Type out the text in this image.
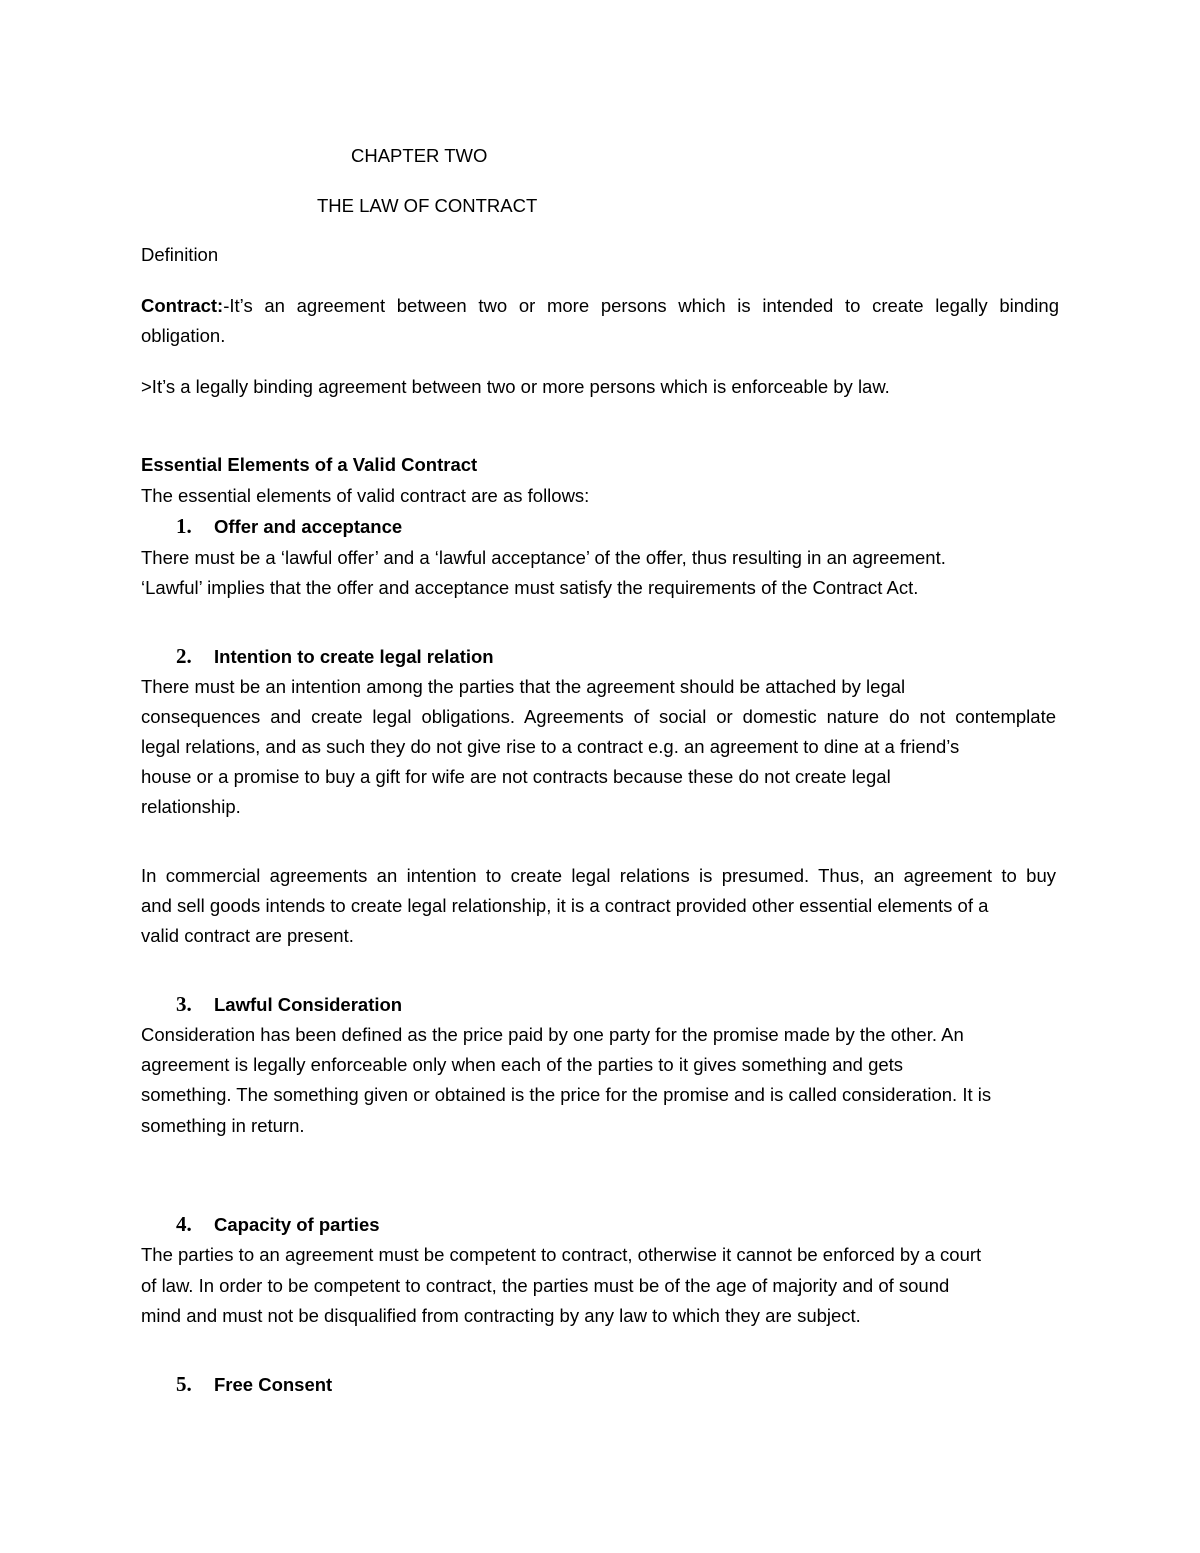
CHAPTER TWO
THE LAW OF CONTRACT
Definition
Contract:-It’s an agreement between two or more persons which is intended to create legally binding
obligation.
>It’s a legally binding agreement between two or more persons which is enforceable by law.
Essential Elements of a Valid Contract
The essential elements of valid contract are as follows:
1. Offer and acceptance
There must be a ‘lawful offer’ and a ‘lawful acceptance’ of the offer, thus resulting in an agreement.
‘Lawful’ implies that the offer and acceptance must satisfy the requirements of the Contract Act.
2. Intention to create legal relation
There must be an intention among the parties that the agreement should be attached by legal
consequences and create legal obligations. Agreements of social or domestic nature do not contemplate
legal relations, and as such they do not give rise to a contract e.g. an agreement to dine at a friend’s
house or a promise to buy a gift for wife are not contracts because these do not create legal
relationship.
In commercial agreements an intention to create legal relations is presumed. Thus, an agreement to buy
and sell goods intends to create legal relationship, it is a contract provided other essential elements of a
valid contract are present.
3. Lawful Consideration
Consideration has been defined as the price paid by one party for the promise made by the other. An
agreement is legally enforceable only when each of the parties to it gives something and gets
something. The something given or obtained is the price for the promise and is called consideration. It is
something in return.
4. Capacity of parties
The parties to an agreement must be competent to contract, otherwise it cannot be enforced by a court
of law. In order to be competent to contract, the parties must be of the age of majority and of sound
mind and must not be disqualified from contracting by any law to which they are subject.
5. Free Consent
